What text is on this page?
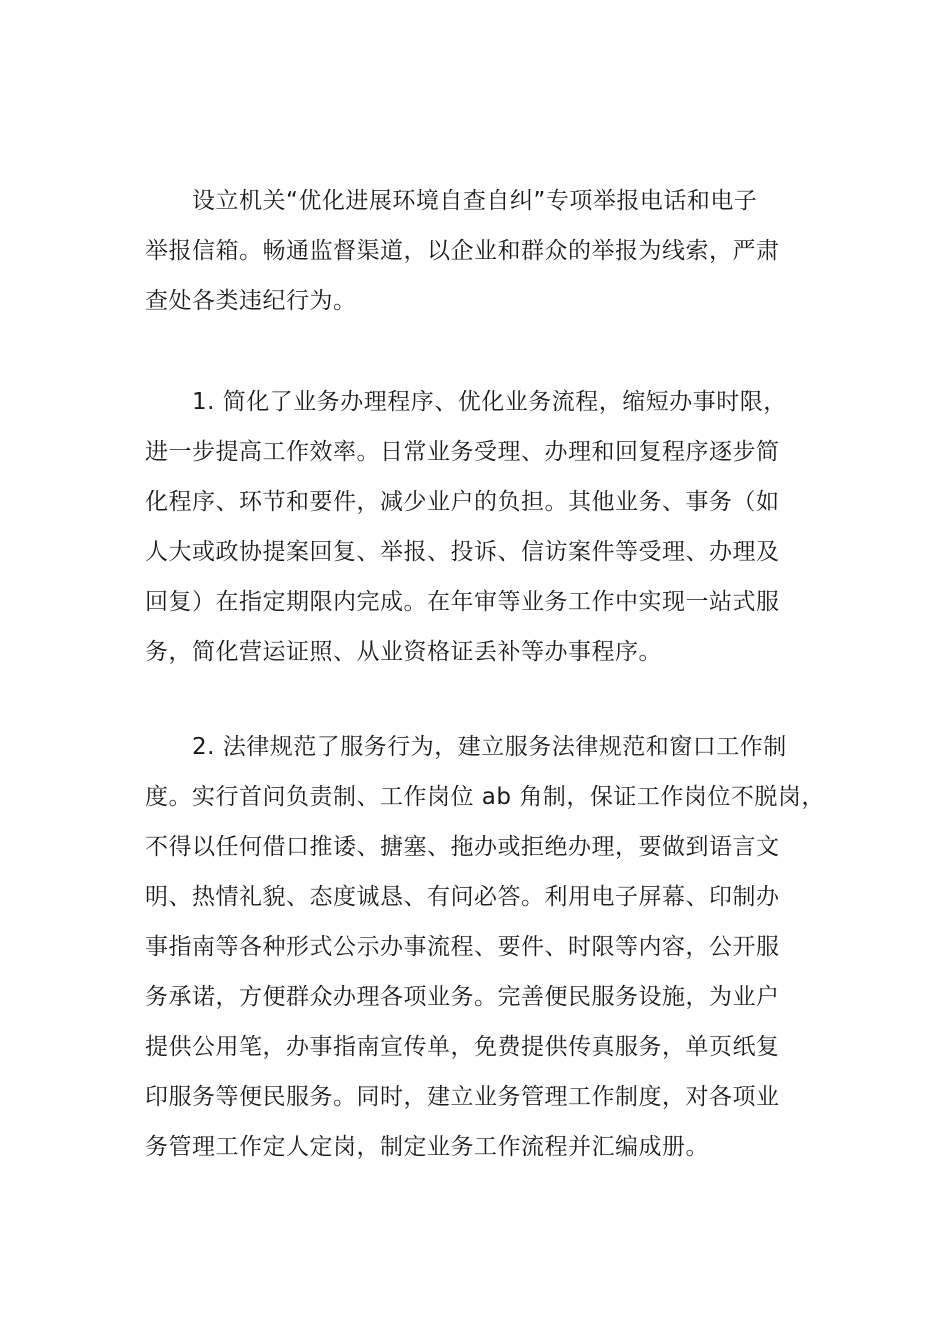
设立机关“优化进展环境自查自纠”专项举报电话和电子
举报信箱。畅通监督渠道，以企业和群众的举报为线索，严肃
查处各类违纪行为。
1. 简化了业务办理程序、优化业务流程，缩短办事时限，
进一步提高工作效率。日常业务受理、办理和回复程序逐步简
化程序、环节和要件，减少业户的负担。其他业务、事务（如
人大或政协提案回复、举报、投诉、信访案件等受理、办理及
回复）在指定期限内完成。在年审等业务工作中实现一站式服
务，简化营运证照、从业资格证丢补等办事程序。
2. 法律规范了服务行为，建立服务法律规范和窗口工作制
度。实行首问负责制、工作岗位 ab 角制，保证工作岗位不脱岗，
不得以任何借口推诿、搪塞、拖办或拒绝办理，要做到语言文
明、热情礼貌、态度诚恳、有问必答。利用电子屏幕、印制办
事指南等各种形式公示办事流程、要件、时限等内容，公开服
务承诺，方便群众办理各项业务。完善便民服务设施，为业户
提供公用笔，办事指南宣传单，免费提供传真服务，单页纸复
印服务等便民服务。同时，建立业务管理工作制度，对各项业
务管理工作定人定岗，制定业务工作流程并汇编成册。
